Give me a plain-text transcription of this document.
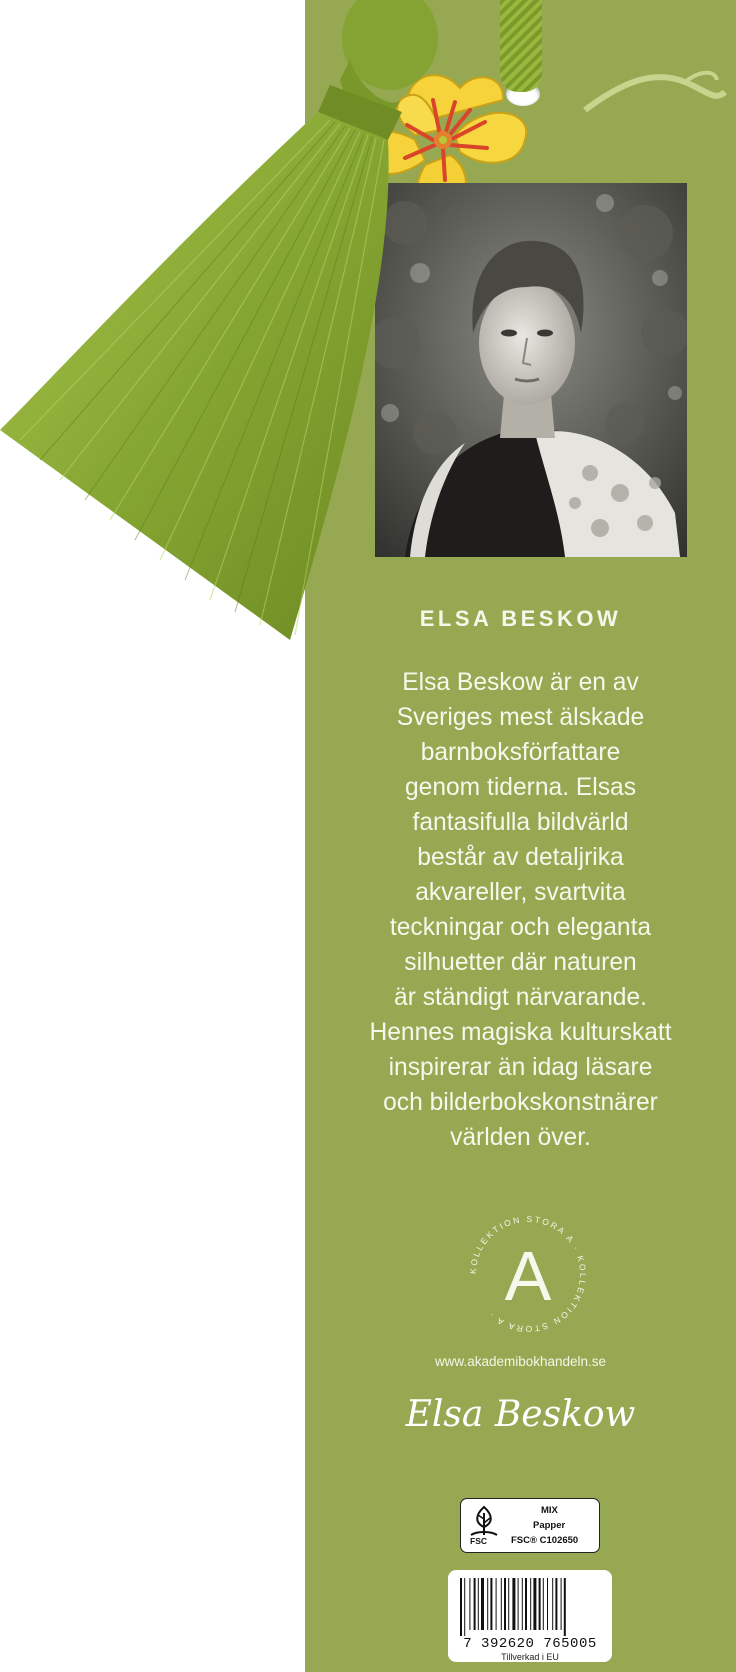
ELSA BESKOW

Elsa Beskow är en av
Sveriges mest älskade
barnboksförfattare
genom tiderna. Elsas
fantasifulla bildvärld
består av detaljrika
akvareller, svartvita
teckningar och eleganta
silhuetter där naturen
är ständigt närvarande.
Hennes magiska kulturskatt
inspirerar än idag läsare
och bilderbokskonstnärer
världen över.

KOLLEKTION STORA A · KOLLEKTION STORA A · A
www.akademibokhandeln.se
Elsa Beskow
FSC
MIX
Papper
FSC® C102650
7 392620 765005
Tillverkad i EU
